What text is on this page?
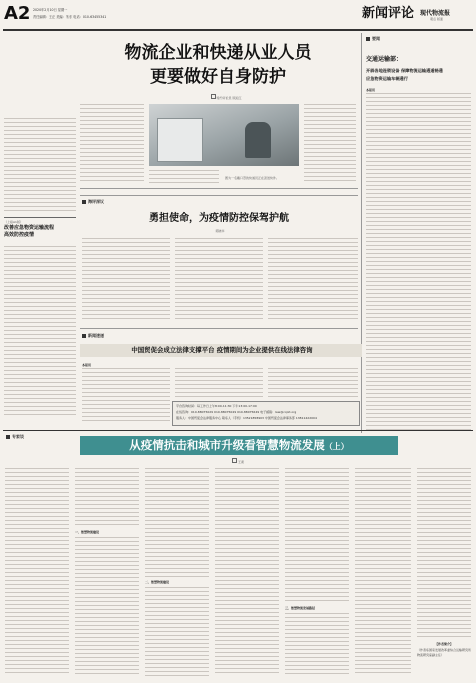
A2 2020年2月10日 星期一
责任编辑：王正 美编：朱东 电话：010-63455341	新闻评论 现代物流报
观点 版面
（上接A1版）
改善应急物资运输流程
高效防控疫情
物流企业和快递从业人员
更要做好自身防护
特约评论员 顾迎江
图为一名戴口罩的快递员正在派送快件。
要闻
交通运输部：
开辟各地连锁设备 保障物流运输通道畅通
应急物资运输车辆通行
本报讯
海评深议
勇担使命，为疫情防控保驾护航
郭晓华
新闻速递
中国贸促会成立法律支撑平台 疫情期间为企业提供在线法律咨询
本报讯
平台咨询时间：每工作日上午8:00-11:30 下午13:00-17:00
在线咨询：010-88075029 010-88075049 010-88075649 电子邮箱：law@ccpit.org
服务人：中国贸促会法律服务中心 联系人（手机）13521858903 中国贸促会法律事务部 13811422004
专家谈
从疫情抗击和城市升级看智慧物流发展（上）
王素
一、智慧物流建设
二、智慧物流建设
三、智慧物流发展路径
【作者简介】
（作者系国家发展改革委综合运输研究所物流研究室副主任）
